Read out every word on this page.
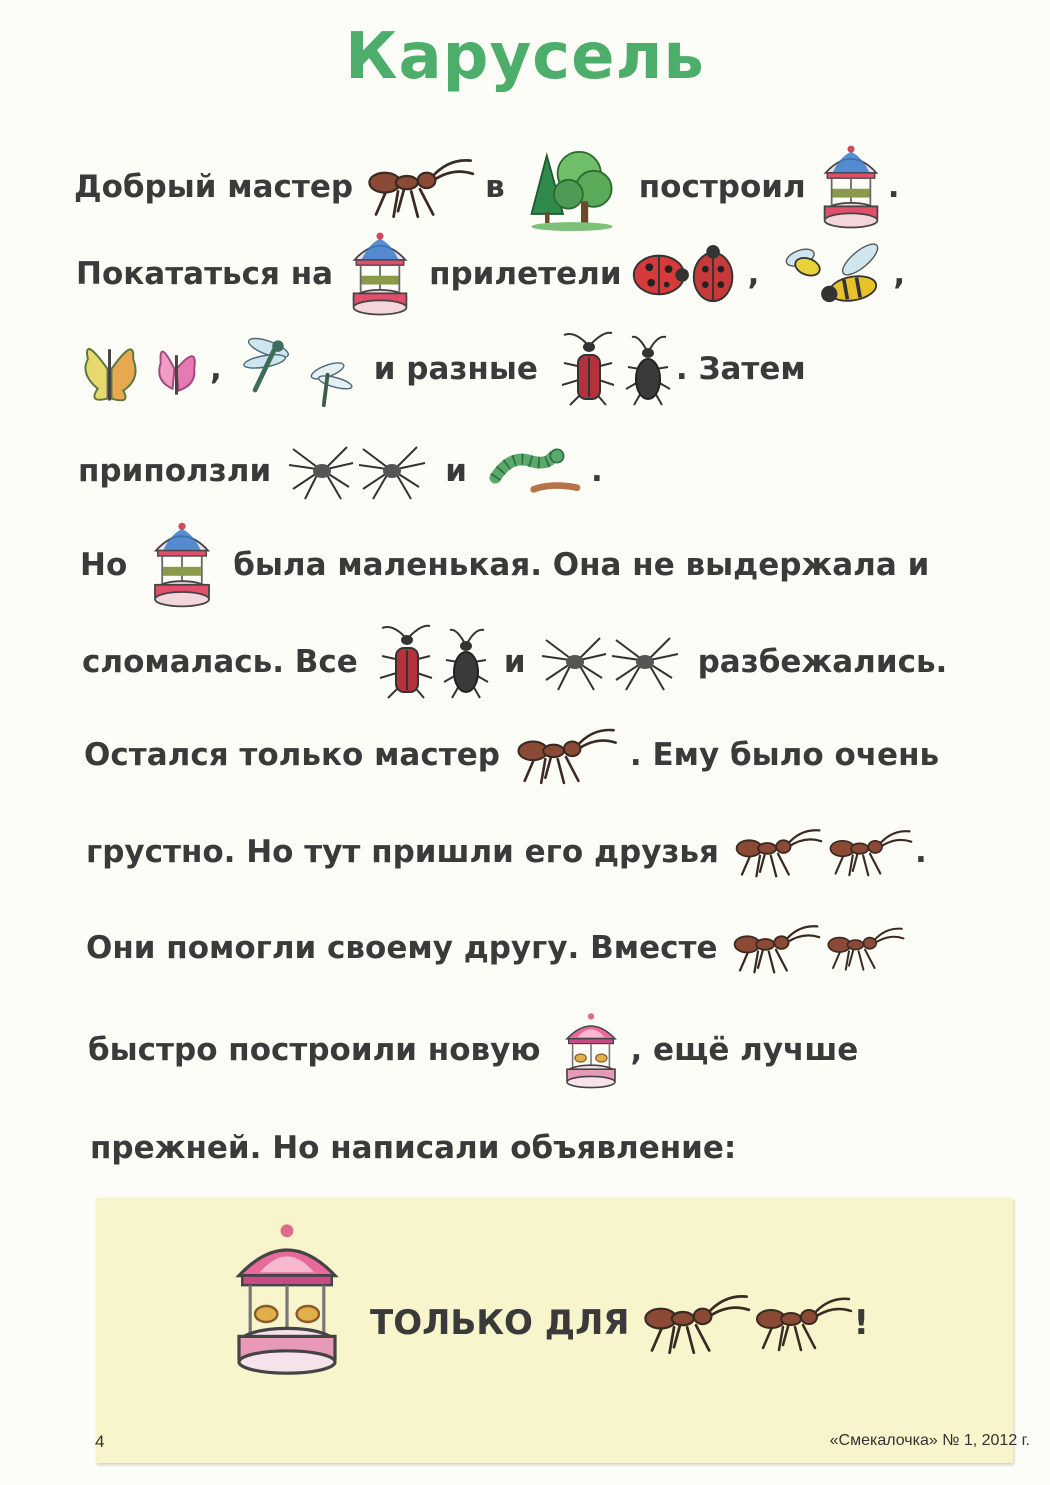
Карусель
Добрый мастер	в	построил	.
Покататься на	прилетели	,	,
,	и разные	. Затем
приползли	и	.
Но	была маленькая. Она не выдержала и
сломалась. Все	и	разбежались.
Остался только мастер	. Ему было очень
грустно. Но тут пришли его друзья	.
Они помогли своему другу. Вместе
быстро построили новую	, ещё лучше
прежней. Но написали объявление:
ТОЛЬКО ДЛЯ	!
4	«Смекалочка» № 1, 2012 г.
